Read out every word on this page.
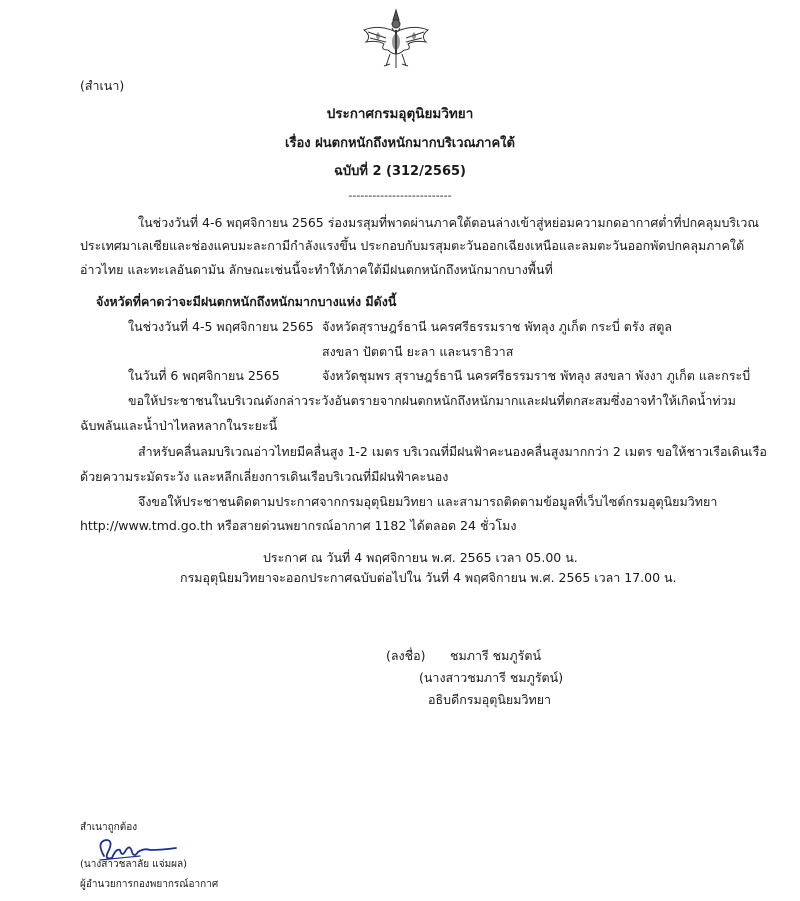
(สำเนา)
ประกาศกรมอุตุนิยมวิทยา
เรื่อง ฝนตกหนักถึงหนักมากบริเวณภาคใต้
ฉบับที่ 2 (312/2565)
--------------------------
ในช่วงวันที่ 4-6 พฤศจิกายน 2565 ร่องมรสุมที่พาดผ่านภาคใต้ตอนล่างเข้าสู่หย่อมความกดอากาศต่ำที่ปกคลุมบริเวณ
ประเทศมาเลเซียและช่องแคบมะละกามีกำลังแรงขึ้น ประกอบกับมรสุมตะวันออกเฉียงเหนือและลมตะวันออกพัดปกคลุมภาคใต้
อ่าวไทย และทะเลอันดามัน ลักษณะเช่นนี้จะทำให้ภาคใต้มีฝนตกหนักถึงหนักมากบางพื้นที่
จังหวัดที่คาดว่าจะมีฝนตกหนักถึงหนักมากบางแห่ง มีดังนี้
ในช่วงวันที่ 4-5 พฤศจิกายน 2565 จังหวัดสุราษฎร์ธานี นครศรีธรรมราช พัทลุง ภูเก็ต กระบี่ ตรัง สตูล
สงขลา ปัตตานี ยะลา และนราธิวาส
ในวันที่ 6 พฤศจิกายน 2565	จังหวัดชุมพร สุราษฎร์ธานี นครศรีธรรมราช พัทลุง สงขลา พังงา ภูเก็ต และกระบี่
ขอให้ประชาชนในบริเวณดังกล่าวระวังอันตรายจากฝนตกหนักถึงหนักมากและฝนที่ตกสะสมซึ่งอาจทำให้เกิดน้ำท่วม
ฉับพลันและน้ำป่าไหลหลากในระยะนี้
สำหรับคลื่นลมบริเวณอ่าวไทยมีคลื่นสูง 1-2 เมตร บริเวณที่มีฝนฟ้าคะนองคลื่นสูงมากกว่า 2 เมตร ขอให้ชาวเรือเดินเรือ
ด้วยความระมัดระวัง และหลีกเลี่ยงการเดินเรือบริเวณที่มีฝนฟ้าคะนอง
จึงขอให้ประชาชนติดตามประกาศจากกรมอุตุนิยมวิทยา และสามารถติดตามข้อมูลที่เว็บไซต์กรมอุตุนิยมวิทยา
http://www.tmd.go.th หรือสายด่วนพยากรณ์อากาศ 1182 ได้ตลอด 24 ชั่วโมง
ประกาศ ณ วันที่ 4 พฤศจิกายน พ.ศ. 2565 เวลา 05.00 น.
กรมอุตุนิยมวิทยาจะออกประกาศฉบับต่อไปใน วันที่ 4 พฤศจิกายน พ.ศ. 2565 เวลา 17.00 น.
(ลงชื่อ) ชมภารี ชมภูรัตน์
(นางสาวชมภารี ชมภูรัตน์)
อธิบดีกรมอุตุนิยมวิทยา
สำเนาถูกต้อง
(นางสาวชลาลัย แจ่มผล)
ผู้อำนวยการกองพยากรณ์อากาศ
